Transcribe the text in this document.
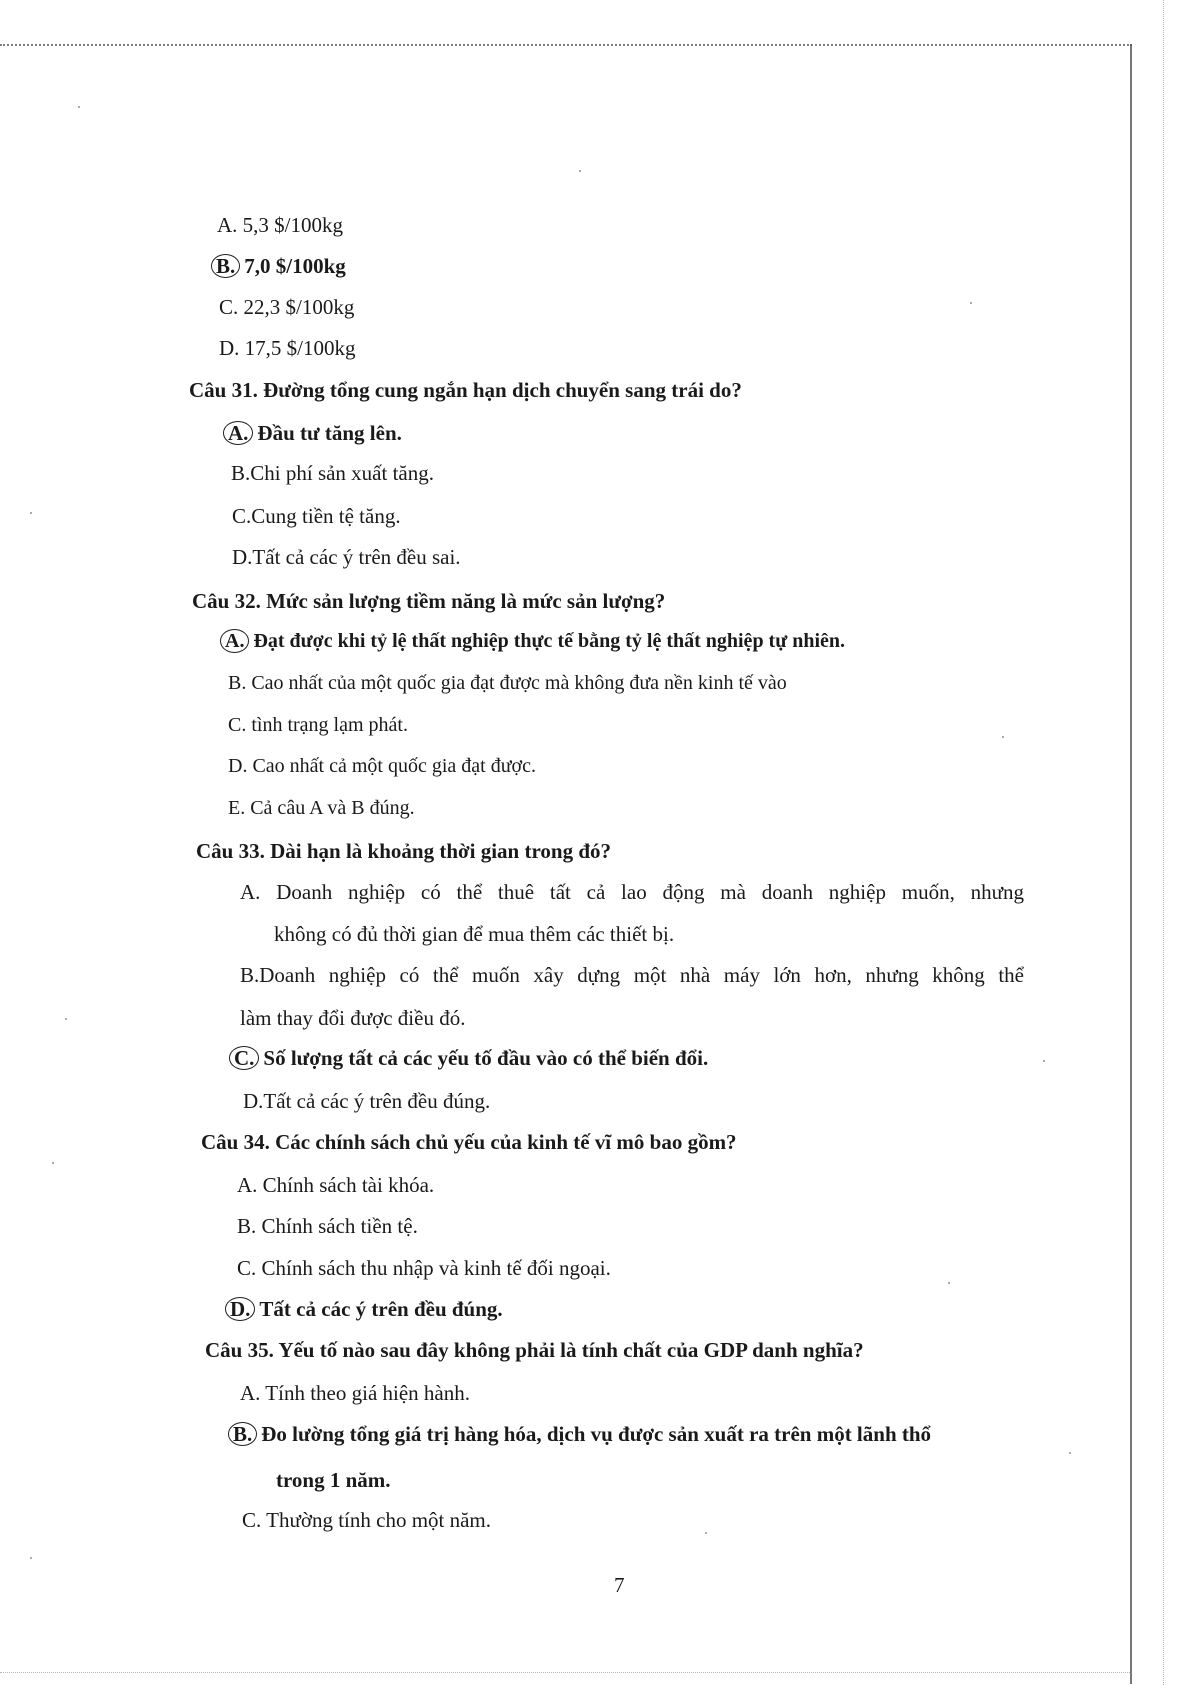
A. 5,3 $/100kg

B. 7,0 $/100kg

C. 22,3 $/100kg

D. 17,5 $/100kg

Câu 31. Đường tổng cung ngắn hạn dịch chuyển sang trái do?

A. Đầu tư tăng lên.

B.Chi phí sản xuất tăng.

C.Cung tiền tệ tăng.

D.Tất cả các ý trên đều sai.

Câu 32. Mức sản lượng tiềm năng là mức sản lượng?

A. Đạt được khi tỷ lệ thất nghiệp thực tế bằng tỷ lệ thất nghiệp tự nhiên.

B. Cao nhất của một quốc gia đạt được mà không đưa nền kinh tế vào

C. tình trạng lạm phát.

D. Cao nhất cả một quốc gia đạt được.

E. Cả câu A và B đúng.

Câu 33. Dài hạn là khoảng thời gian trong đó?

A. Doanh nghiệp có thể thuê tất cả lao động mà doanh nghiệp muốn, nhưng

không có đủ thời gian để mua thêm các thiết bị.

B.Doanh nghiệp có thể muốn xây dựng một nhà máy lớn hơn, nhưng không thể

làm thay đổi được điều đó.

C. Số lượng tất cả các yếu tố đầu vào có thể biến đổi.

D.Tất cả các ý trên đều đúng.

Câu 34. Các chính sách chủ yếu của kinh tế vĩ mô bao gồm?

A. Chính sách tài khóa.

B. Chính sách tiền tệ.

C. Chính sách thu nhập và kinh tế đối ngoại.

D. Tất cả các ý trên đều đúng.

Câu 35. Yếu tố nào sau đây không phải là tính chất của GDP danh nghĩa?

A. Tính theo giá hiện hành.

B. Đo lường tổng giá trị hàng hóa, dịch vụ được sản xuất ra trên một lãnh thổ

trong 1 năm.

C. Thường tính cho một năm.

7
